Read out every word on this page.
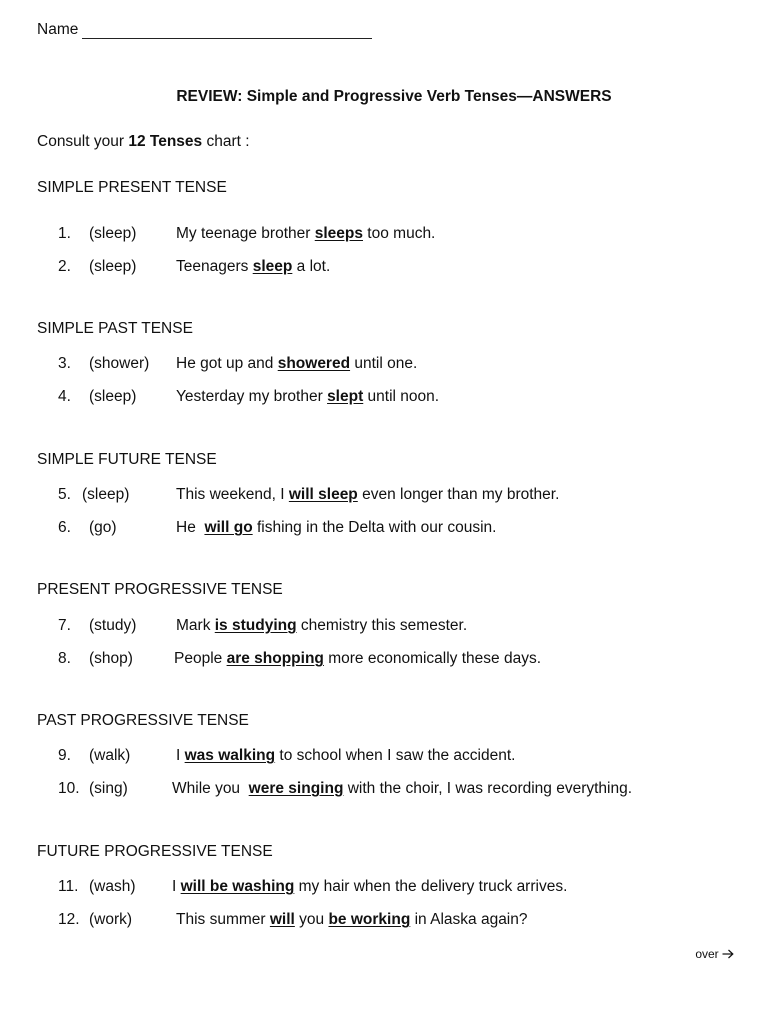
Name
REVIEW: Simple and Progressive Verb Tenses—ANSWERS
Consult your 12 Tenses chart :
SIMPLE PRESENT TENSE
1. (sleep)	My teenage brother sleeps too much.
2. (sleep)	Teenagers sleep a lot.
SIMPLE PAST TENSE
3. (shower) He got up and showered until one.
4. (sleep)	Yesterday my brother slept until noon.
SIMPLE FUTURE TENSE
5. (sleep)	This weekend, I will sleep even longer than my brother.
6. (go)	He  will go fishing in the Delta with our cousin.
PRESENT PROGRESSIVE TENSE
7. (study)	Mark is studying chemistry this semester.
8. (shop)	People are shopping more economically these days.
PAST PROGRESSIVE TENSE
9. (walk)	I was walking to school when I saw the accident.
10. (sing)	While you  were singing with the choir, I was recording everything.
FUTURE PROGRESSIVE TENSE
11. (wash) I will be washing my hair when the delivery truck arrives.
12. (work)	This summer will you be working in Alaska again?
over
